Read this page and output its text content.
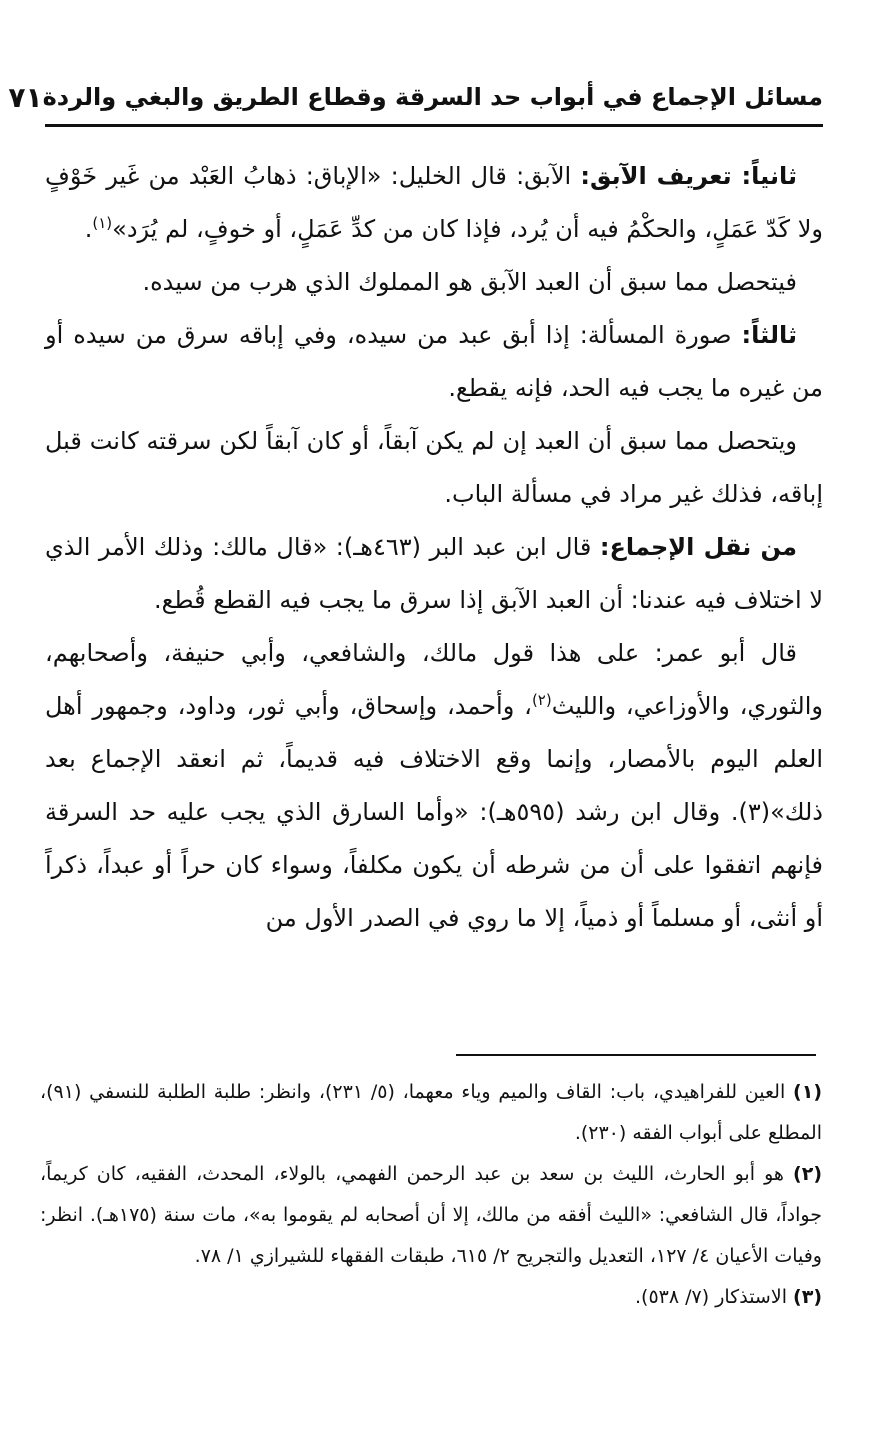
مسائل الإجماع في أبواب حد السرقة وقطاع الطريق والبغي والردة
٧١

ثانياً: تعريف الآبق: الآبق: قال الخليل: «الإباق: ذهابُ العَبْد من غَير خَوْفٍ ولا كَدّ عَمَلٍ، والحكْمُ فيه أن يُرد، فإذا كان من كدِّ عَمَلٍ، أو خوفٍ، لم يُرَد»$^{(١)}$.

فيتحصل مما سبق أن العبد الآبق هو المملوك الذي هرب من سيده.

ثالثاً: صورة المسألة: إذا أبق عبد من سيده، وفي إباقه سرق من سيده أو من غيره ما يجب فيه الحد، فإنه يقطع.

ويتحصل مما سبق أن العبد إن لم يكن آبقاً، أو كان آبقاً لكن سرقته كانت قبل إباقه، فذلك غير مراد في مسألة الباب.

من نقل الإجماع: قال ابن عبد البر (٤٦٣هـ): «قال مالك: وذلك الأمر الذي لا اختلاف فيه عندنا: أن العبد الآبق إذا سرق ما يجب فيه القطع قُطع.

قال أبو عمر: على هذا قول مالك، والشافعي، وأبي حنيفة، وأصحابهم، والثوري، والأوزاعي، والليث$^{(٢)}$، وأحمد، وإسحاق، وأبي ثور، وداود، وجمهور أهل العلم اليوم بالأمصار، وإنما وقع الاختلاف فيه قديماً، ثم انعقد الإجماع بعد ذلك»(٣). وقال ابن رشد (٥٩٥هـ): «وأما السارق الذي يجب عليه حد السرقة فإنهم اتفقوا على أن من شرطه أن يكون مكلفاً، وسواء كان حراً أو عبداً، ذكراً أو أنثى، أو مسلماً أو ذمياً، إلا ما روي في الصدر الأول من

(١) العين للفراهيدي، باب: القاف والميم وياء معهما، (٥/ ٢٣١)، وانظر: طلبة الطلبة للنسفي (٩١)، المطلع على أبواب الفقه (٢٣٠).

(٢) هو أبو الحارث، الليث بن سعد بن عبد الرحمن الفهمي، بالولاء، المحدث، الفقيه، كان كريماً، جواداً، قال الشافعي: «الليث أفقه من مالك، إلا أن أصحابه لم يقوموا به»، مات سنة (١٧٥هـ). انظر: وفيات الأعيان ٤/ ١٢٧، التعديل والتجريح ٢/ ٦١٥، طبقات الفقهاء للشيرازي ١/ ٧٨.

(٣) الاستذكار (٧/ ٥٣٨).
